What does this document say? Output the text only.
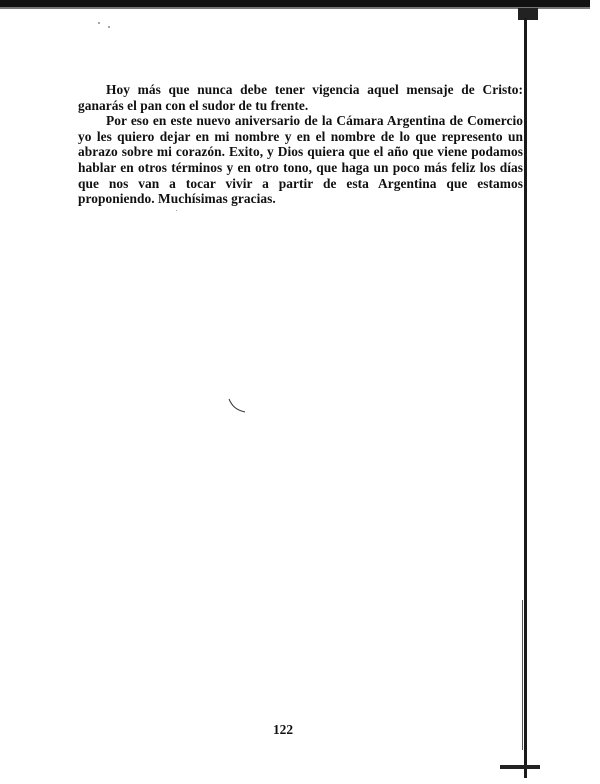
Hoy más que nunca debe tener vigencia aquel mensaje de Cristo: ganarás el pan con el sudor de tu frente.

Por eso en este nuevo aniversario de la Cámara Argentina de Comercio yo les quiero dejar en mi nombre y en el nombre de lo que represento un abrazo sobre mi corazón. Exito, y Dios quiera que el año que viene podamos hablar en otros términos y en otro tono, que haga un poco más feliz los días que nos van a tocar vivir a partir de esta Argentina que estamos proponiendo. Muchísimas gracias.

122
